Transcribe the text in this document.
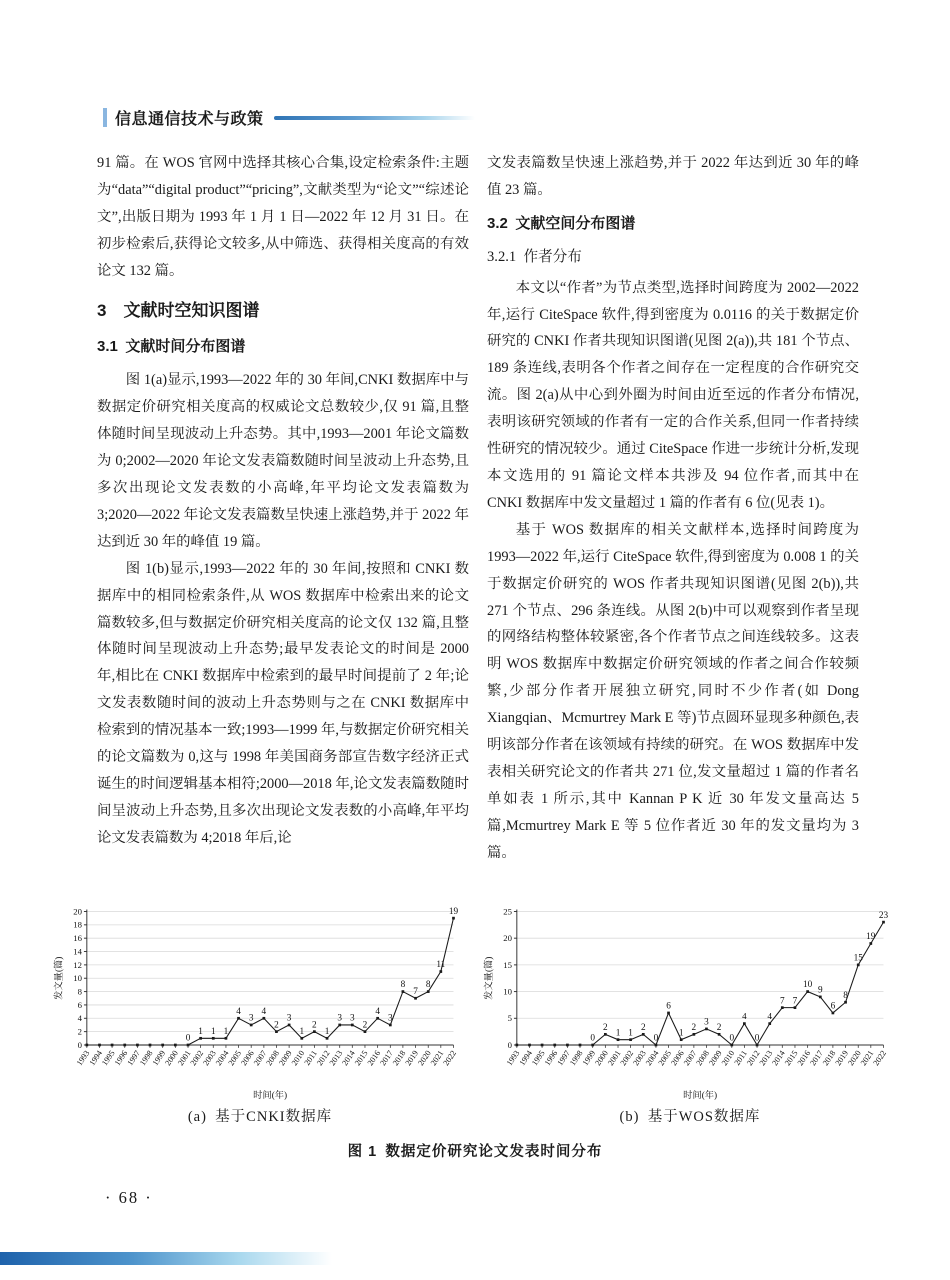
信息通信技术与政策

91 篇。在 WOS 官网中选择其核心合集,设定检索条件:主题为“data”“digital product”“pricing”,文献类型为“论文”“综述论文”,出版日期为 1993 年 1 月 1 日—2022 年 12 月 31 日。在初步检索后,获得论文较多,从中筛选、获得相关度高的有效论文 132 篇。

3 文献时空知识图谱
3.1 文献时间分布图谱

图 1(a)显示,1993—2022 年的 30 年间,CNKI 数据库中与数据定价研究相关度高的权威论文总数较少,仅 91 篇,且整体随时间呈现波动上升态势。其中,1993—2001 年论文篇数为 0;2002—2020 年论文发表篇数随时间呈波动上升态势,且多次出现论文发表数的小高峰,年平均论文发表篇数为 3;2020—2022 年论文发表篇数呈快速上涨趋势,并于 2022 年达到近 30 年的峰值 19 篇。

图 1(b)显示,1993—2022 年的 30 年间,按照和 CNKI 数据库中的相同检索条件,从 WOS 数据库中检索出来的论文篇数较多,但与数据定价研究相关度高的论文仅 132 篇,且整体随时间呈现波动上升态势;最早发表论文的时间是 2000 年,相比在 CNKI 数据库中检索到的最早时间提前了 2 年;论文发表数随时间的波动上升态势则与之在 CNKI 数据库中检索到的情况基本一致;1993—1999 年,与数据定价研究相关的论文篇数为 0,这与 1998 年美国商务部宣告数字经济正式诞生的时间逻辑基本相符;2000—2018 年,论文发表篇数随时间呈波动上升态势,且多次出现论文发表数的小高峰,年平均论文发表篇数为 4;2018 年后,论

文发表篇数呈快速上涨趋势,并于 2022 年达到近 30 年的峰值 23 篇。

3.2 文献空间分布图谱
3.2.1 作者分布

本文以“作者”为节点类型,选择时间跨度为 2002—2022 年,运行 CiteSpace 软件,得到密度为 0.0116 的关于数据定价研究的 CNKI 作者共现知识图谱(见图 2(a)),共 181 个节点、189 条连线,表明各个作者之间存在一定程度的合作研究交流。图 2(a)从中心到外圈为时间由近至远的作者分布情况,表明该研究领域的作者有一定的合作关系,但同一作者持续性研究的情况较少。通过 CiteSpace 作进一步统计分析,发现本文选用的 91 篇论文样本共涉及 94 位作者,而其中在 CNKI 数据库中发文量超过 1 篇的作者有 6 位(见表 1)。

基于 WOS 数据库的相关文献样本,选择时间跨度为 1993—2022 年,运行 CiteSpace 软件,得到密度为 0.008 1 的关于数据定价研究的 WOS 作者共现知识图谱(见图 2(b)),共 271 个节点、296 条连线。从图 2(b)中可以观察到作者呈现的网络结构整体较紧密,各个作者节点之间连线较多。这表明 WOS 数据库中数据定价研究领域的作者之间合作较频繁,少部分作者开展独立研究,同时不少作者(如 Dong Xiangqian、Mcmurtrey Mark E 等)节点圆环显现多种颜色,表明该部分作者在该领域有持续的研究。在 WOS 数据库中发表相关研究论文的作者共 271 位,发文量超过 1 篇的作者名单如表 1 所示,其中 Kannan P K 近 30 年发文量高达 5 篇,Mcmurtrey Mark E 等 5 位作者近 30 年的发文量均为 3 篇。

0
2
4
6
8
10
12
14
16
18
20
1993
1994
1995
1996
1997
1998
1999
2000
2001
2002
2003
2004
2005
2006
2007
2008
2009
2010
2011
2012
2013
2014
2015
2016
2017
2018
2019
2020
2021
2022
0
1 1 1
4
3
4
2
3
1
2
1
3 3
2
4
3
8
7
8
11
19
发文量(篇)
时间(年)
(a) 基于CNKI数据库
0
5
10
15
20
25
1993
1994
1995
1996
1997
1998
1999
2000
2001
2002
2003
2004
2005
2006
2007
2008
2009
2010
2011
2012
2013
2014
2015
2016
2017
2018
2019
2020
2021
2022
0
2
1 1
2
0
6
1
2
3
2
0
4
0
4
7 7
10
9
6
8
15
19
23
发文量(篇)
时间(年)
(b) 基于WOS数据库
图 1 数据定价研究论文发表时间分布
· 68 ·
